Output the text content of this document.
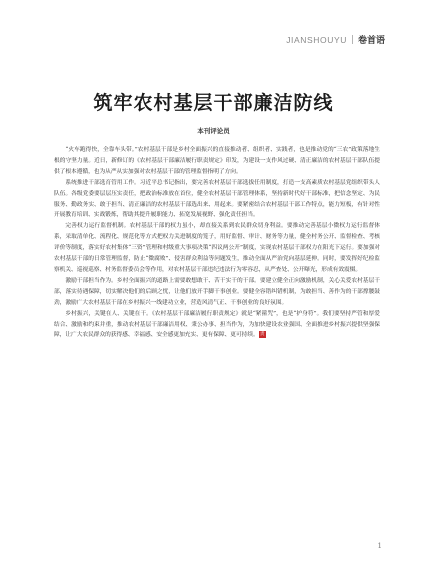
JIANSHOUYU 卷首语
筑牢农村基层干部廉洁防线
本刊评论员

“火车跑得快，全靠车头带。”农村基层干部是乡村全面振兴的直接推动者、组织者、实践者，也是推动党的“三农”政策落地生根的守坚力量。近日，新修订的《农村基层干部廉洁履行职责规定》印发，为建设一支作风过硬、清正廉洁的农村基层干部队伍提供了根本遵循，也为从严从实加强对农村基层干部的管理监督指明了方向。

系统推进干部选育管用工作。习近平总书记指出，要完善农村基层干部选拔任用制度，打造一支高素质农村基层党组织带头人队伍。各级党委要层层压实责任，把政治标准放在首位，健全农村基层干部管理体系，坚持新时代好干部标准，把信念坚定、为民服务、勤政务实、敢于担当、清正廉洁的农村基层干部选出来、用起来。要紧密结合农村基层干部工作特点，能力短板，有针对性开展教育培训、实战锻炼，帮助其提升履职能力、拓宽发展视野、强化责任担当。

完善权力运行监督机制。农村基层干部的权力虽小，却直接关系到农民群众切身利益。要推动完善基层小微权力运行监督体系，采取清单化、流程化、规范化等方式把权力关进制度的笼子，用好监督、审计、财务等力量，健全村务公开、监督检查、考核评价等制度，落实好农村集体“三资”管理和村级重大事项决策“四议两公开”制度，实现农村基层干部权力在阳光下运行。要加强对农村基层干部的日常管理监督，防止“微腐败”、侵害群众利益等问题发生，推动全面从严治党向基层延伸。同时，要发挥好纪检监察机关、巡视巡察、村务监督委员会等作用，对农村基层干部违纪违法行为零容忍，从严查处、公开曝光，形成有效震慑。

激励干部担当作为。乡村全面振兴的道路上需要敢想敢干、苦干实干的干部。要建立健全正向激励机制，关心关爱农村基层干部，落实待遇保障，切实解决他们的后顾之忧，让他们放开手脚干事创业。要健全容错纠错机制，为敢担当、善作为的干部撑腰鼓劲，激励广大农村基层干部在乡村振兴一线建功立业，营造风清气正、干事创业的良好氛围。

乡村振兴，关键在人、关键在干。《农村基层干部廉洁履行职责规定》就是“紧箍咒”，也是“护身符”。我们要坚持严管和厚爱结合、激励和约束并重，推动农村基层干部廉洁用权、秉公办事、担当作为，为加快建设农业强国、全面推进乡村振兴提供坚强保障，让广大农民群众的获得感、幸福感、安全感更加充实、更有保障、更可持续。责

1
